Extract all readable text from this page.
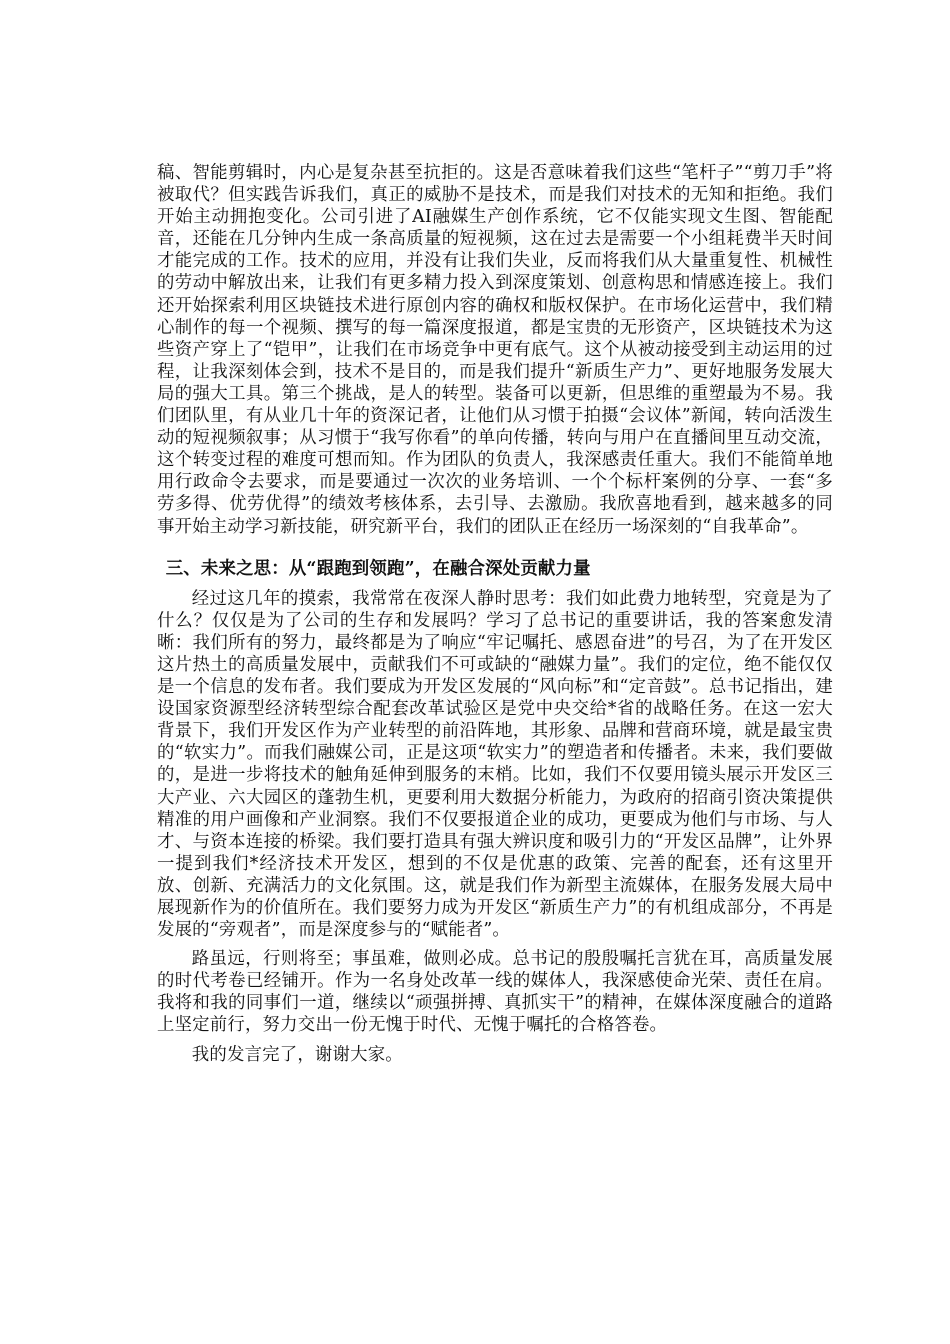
稿、智能剪辑时，内心是复杂甚至抗拒的。这是否意味着我们这些“笔杆子”“剪刀手”将被取代？但实践告诉我们，真正的威胁不是技术，而是我们对技术的无知和拒绝。我们开始主动拥抱变化。公司引进了AI融媒生产创作系统，它不仅能实现文生图、智能配音，还能在几分钟内生成一条高质量的短视频，这在过去是需要一个小组耗费半天时间才能完成的工作。技术的应用，并没有让我们失业，反而将我们从大量重复性、机械性的劳动中解放出来，让我们有更多精力投入到深度策划、创意构思和情感连接上。我们还开始探索利用区块链技术进行原创内容的确权和版权保护。在市场化运营中，我们精心制作的每一个视频、撰写的每一篇深度报道，都是宝贵的无形资产，区块链技术为这些资产穿上了“铠甲”，让我们在市场竞争中更有底气。这个从被动接受到主动运用的过程，让我深刻体会到，技术不是目的，而是我们提升“新质生产力”、更好地服务发展大局的强大工具。第三个挑战，是人的转型。装备可以更新，但思维的重塑最为不易。我们团队里，有从业几十年的资深记者，让他们从习惯于拍摄“会议体”新闻，转向活泼生动的短视频叙事；从习惯于“我写你看”的单向传播，转向与用户在直播间里互动交流，这个转变过程的难度可想而知。作为团队的负责人，我深感责任重大。我们不能简单地用行政命令去要求，而是要通过一次次的业务培训、一个个标杆案例的分享、一套“多劳多得、优劳优得”的绩效考核体系，去引导、去激励。我欣喜地看到，越来越多的同事开始主动学习新技能，研究新平台，我们的团队正在经历一场深刻的“自我革命”。

三、未来之思：从“跟跑到领跑”，在融合深处贡献力量

经过这几年的摸索，我常常在夜深人静时思考：我们如此费力地转型，究竟是为了什么？仅仅是为了公司的生存和发展吗？学习了总书记的重要讲话，我的答案愈发清晰：我们所有的努力，最终都是为了响应“牢记嘱托、感恩奋进”的号召，为了在开发区这片热土的高质量发展中，贡献我们不可或缺的“融媒力量”。我们的定位，绝不能仅仅是一个信息的发布者。我们要成为开发区发展的“风向标”和“定音鼓”。总书记指出，建设国家资源型经济转型综合配套改革试验区是党中央交给*省的战略任务。在这一宏大背景下，我们开发区作为产业转型的前沿阵地，其形象、品牌和营商环境，就是最宝贵的“软实力”。而我们融媒公司，正是这项“软实力”的塑造者和传播者。未来，我们要做的，是进一步将技术的触角延伸到服务的末梢。比如，我们不仅要用镜头展示开发区三大产业、六大园区的蓬勃生机，更要利用大数据分析能力，为政府的招商引资决策提供精准的用户画像和产业洞察。我们不仅要报道企业的成功，更要成为他们与市场、与人才、与资本连接的桥梁。我们要打造具有强大辨识度和吸引力的“开发区品牌”，让外界一提到我们*经济技术开发区，想到的不仅是优惠的政策、完善的配套，还有这里开放、创新、充满活力的文化氛围。这，就是我们作为新型主流媒体，在服务发展大局中展现新作为的价值所在。我们要努力成为开发区“新质生产力”的有机组成部分，不再是发展的“旁观者”，而是深度参与的“赋能者”。

路虽远，行则将至；事虽难，做则必成。总书记的殷殷嘱托言犹在耳，高质量发展的时代考卷已经铺开。作为一名身处改革一线的媒体人，我深感使命光荣、责任在肩。我将和我的同事们一道，继续以“顽强拼搏、真抓实干”的精神，在媒体深度融合的道路上坚定前行，努力交出一份无愧于时代、无愧于嘱托的合格答卷。

我的发言完了，谢谢大家。
